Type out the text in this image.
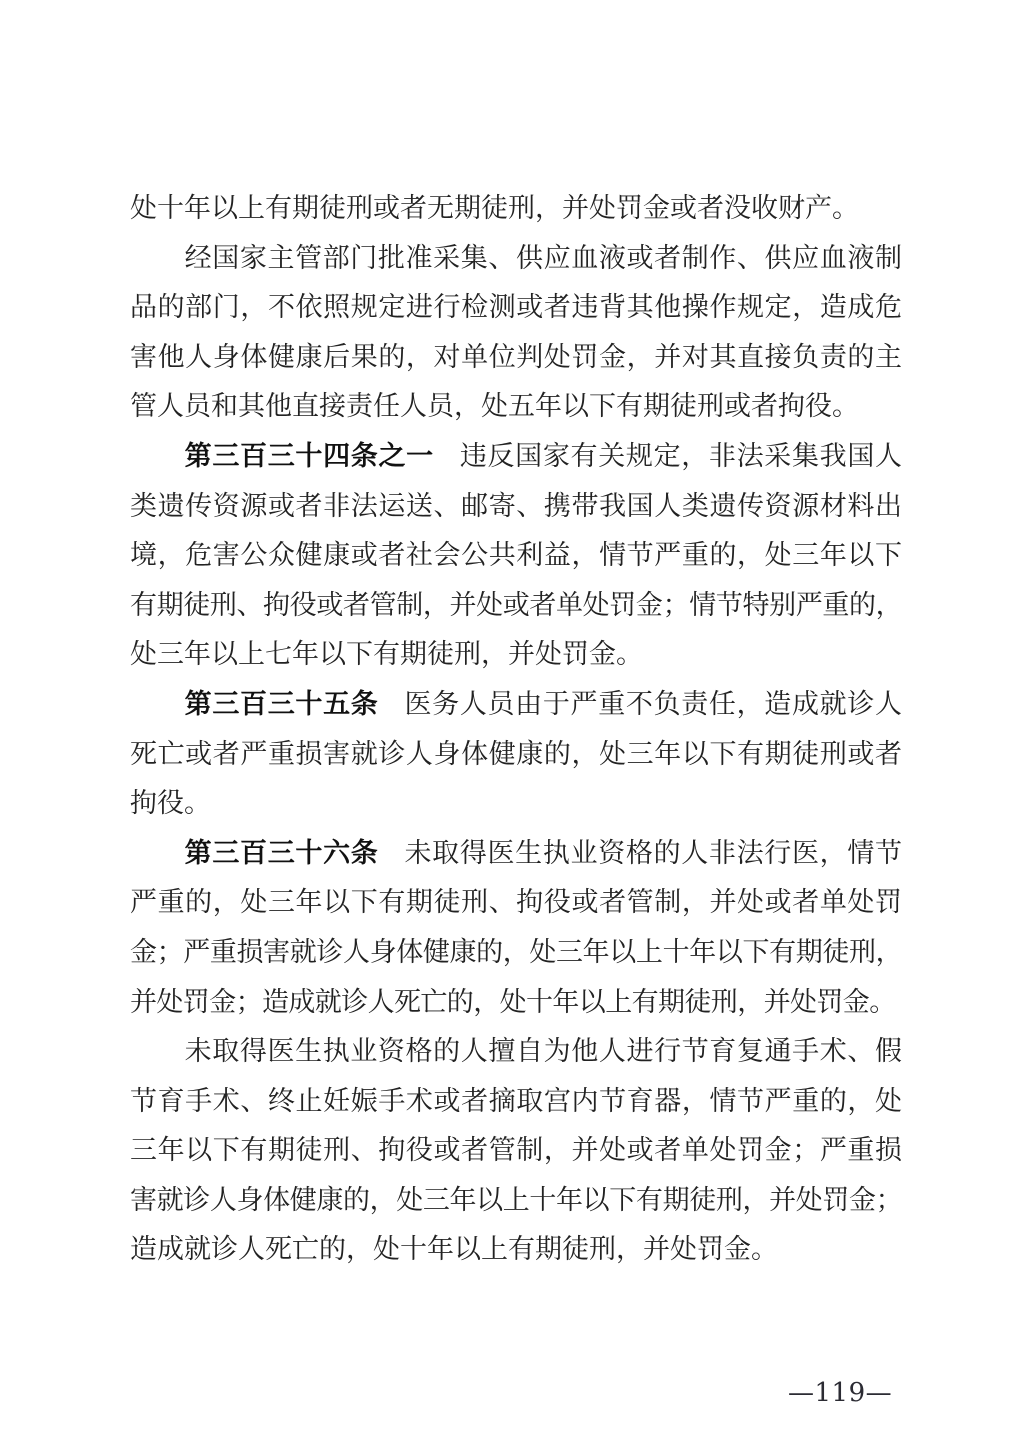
处十年以上有期徒刑或者无期徒刑，并处罚金或者没收财产。
经国家主管部门批准采集、供应血液或者制作、供应血液制
品的部门，不依照规定进行检测或者违背其他操作规定，造成危
害他人身体健康后果的，对单位判处罚金，并对其直接负责的主
管人员和其他直接责任人员，处五年以下有期徒刑或者拘役。
第三百三十四条之一 违反国家有关规定，非法采集我国人
类遗传资源或者非法运送、邮寄、携带我国人类遗传资源材料出
境，危害公众健康或者社会公共利益，情节严重的，处三年以下
有期徒刑、拘役或者管制，并处或者单处罚金；情节特别严重的，
处三年以上七年以下有期徒刑，并处罚金。
第三百三十五条 医务人员由于严重不负责任，造成就诊人
死亡或者严重损害就诊人身体健康的，处三年以下有期徒刑或者
拘役。
第三百三十六条 未取得医生执业资格的人非法行医，情节
严重的，处三年以下有期徒刑、拘役或者管制，并处或者单处罚
金；严重损害就诊人身体健康的，处三年以上十年以下有期徒刑，
并处罚金；造成就诊人死亡的，处十年以上有期徒刑，并处罚金。
未取得医生执业资格的人擅自为他人进行节育复通手术、假
节育手术、终止妊娠手术或者摘取宫内节育器，情节严重的，处
三年以下有期徒刑、拘役或者管制，并处或者单处罚金；严重损
害就诊人身体健康的，处三年以上十年以下有期徒刑，并处罚金；
造成就诊人死亡的，处十年以上有期徒刑，并处罚金。
—119—
